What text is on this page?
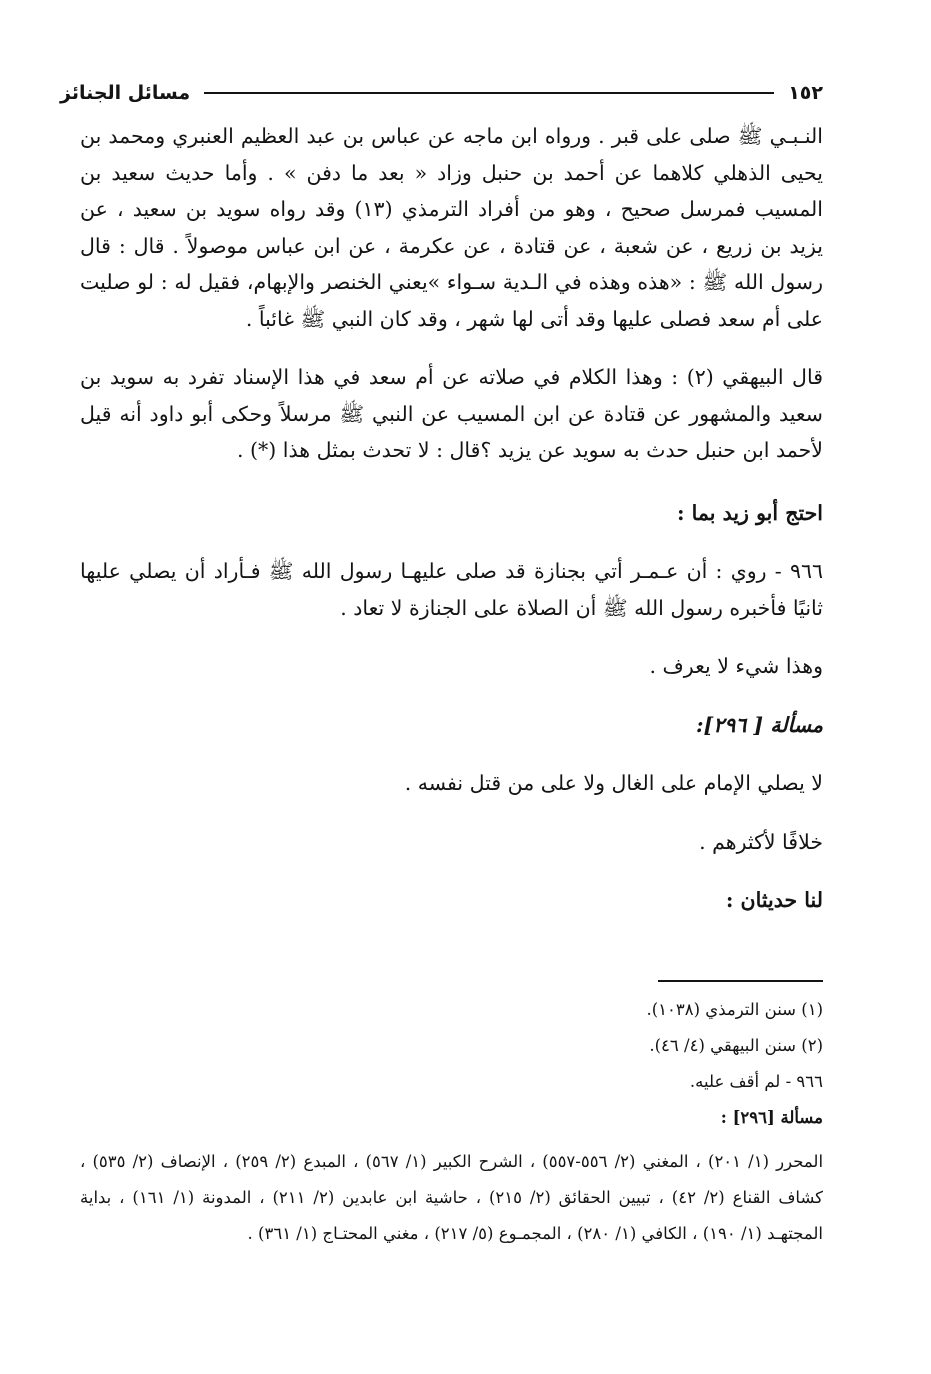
١٥٢
مسائل الجنائز

النـبـي ﷺ صلى على قبر . ورواه ابن ماجه عن عباس بن عبد العظيم العنبري ومحمد بن يحيى الذهلي كلاهما عن أحمد بن حنبل وزاد « بعد ما دفن » . وأما حديث سعيد بن المسيب فمرسل صحيح ، وهو من أفراد الترمذي (١٣) وقد رواه سويد بن سعيد ، عن يزيد بن زريع ، عن شعبة ، عن قتادة ، عن عكرمة ، عن ابن عباس موصولاً . قال : قال رسول الله ﷺ : «هذه وهذه في الـدية سـواء »يعني الخنصر والإبهام، فقيل له : لو صليت على أم سعد فصلى عليها وقد أتى لها شهر ، وقد كان النبي ﷺ غائباً .

قال البيهقي (٢) : وهذا الكلام في صلاته عن أم سعد في هذا الإسناد تفرد به سويد بن سعيد والمشهور عن قتادة عن ابن المسيب عن النبي ﷺ مرسلاً وحكى أبو داود أنه قيل لأحمد ابن حنبل حدث به سويد عن يزيد ؟قال : لا تحدث بمثل هذا (*) .

احتج أبو زيد بما :

٩٦٦ - روي : أن عـمـر أتي بجنازة قد صلى عليهـا رسول الله ﷺ فـأراد أن يصلي عليها ثانيًا فأخبره رسول الله ﷺ أن الصلاة على الجنازة لا تعاد .

وهذا شيء لا يعرف .

مسألة [ ٢٩٦]:

لا يصلي الإمام على الغال ولا على من قتل نفسه .

خلافًا لأكثرهم .

لنا حديثان :

(١) سنن الترمذي (١٠٣٨).

(٢) سنن البيهقي (٤/ ٤٦).

٩٦٦ - لم أقف عليه.

مسألة [٢٩٦] :

المحرر (١/ ٢٠١) ، المغني (٢/ ٥٥٦-٥٥٧) ، الشرح الكبير (١/ ٥٦٧) ، المبدع (٢/ ٢٥٩) ، الإنصاف (٢/ ٥٣٥) ، كشاف القناع (٢/ ٤٢) ، تبيين الحقائق (٢/ ٢١٥) ، حاشية ابن عابدين (٢/ ٢١١) ، المدونة (١/ ١٦١) ، بداية المجتهـد (١/ ١٩٠) ، الكافي (١/ ٢٨٠) ، المجمـوع (٥/ ٢١٧) ، مغني المحتـاج (١/ ٣٦١) .
